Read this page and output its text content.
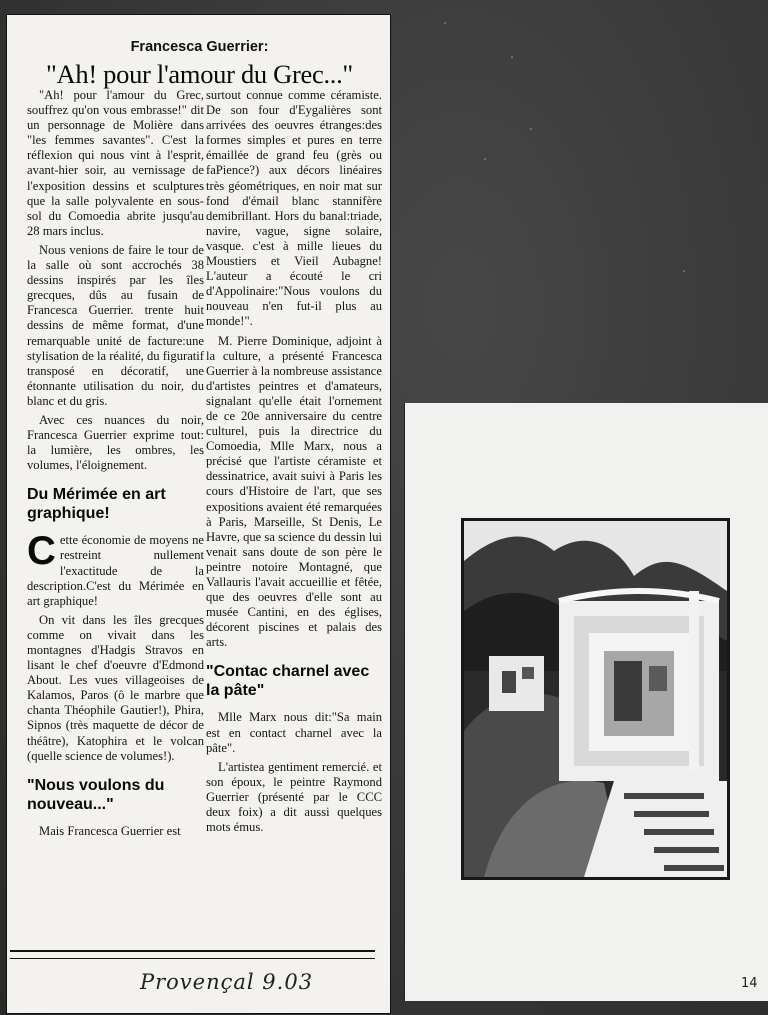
Francesca Guerrier:
"Ah! pour l'amour du Grec..."

"Ah! pour l'amour du Grec, souffrez qu'on vous embrasse!" dit un personnage de Molière dans "les femmes savantes". C'est la réflexion qui nous vint à l'esprit, avant-hier soir, au vernissage de l'exposition dessins et sculptures que la salle polyvalente en sous-sol du Comoedia abrite jusqu'au 28 mars inclus.

Nous venions de faire le tour de la salle où sont accrochés 38 dessins inspirés par les îles grecques, dûs au fusain de Francesca Guerrier. trente huit dessins de même format, d'une remarquable unité de facture:une stylisation de la réalité, du figuratif transposé en décoratif, une étonnante utilisation du noir, du blanc et du gris.

Avec ces nuances du noir, Francesca Guerrier exprime tout: la lumière, les ombres, les volumes, l'éloignement.

Du Mérimée en art graphique!

Cette économie de moyens ne restreint nullement l'exactitude de la description.C'est du Mérimée en art graphique!

On vit dans les îles grecques comme on vivait dans les montagnes d'Hadgis Stravos en lisant le chef d'oeuvre d'Edmond About. Les vues villageoises de Kalamos, Paros (ô le marbre que chanta Théophile Gautier!), Phira, Sipnos (très maquette de décor de théâtre), Katophira et le volcan (quelle science de volumes!).

"Nous voulons du nouveau..."

Mais Francesca Guerrier est

surtout connue comme céramiste. De son four d'Eygalières sont arrivées des oeuvres étranges:des formes simples et pures en terre émaillée de grand feu (grès ou faPience?) aux décors linéaires très géométriques, en noir mat sur fond d'émail blanc stannifère demibrillant. Hors du banal:triade, navire, vague, signe solaire, vasque. c'est à mille lieues du Moustiers et Vieil Aubagne! L'auteur a écouté le cri d'Appolinaire:"Nous voulons du nouveau n'en fut-il plus au monde!".

M. Pierre Dominique, adjoint à la culture, a présenté Francesca Guerrier à la nombreuse assistance d'artistes peintres et d'amateurs, signalant qu'elle était l'ornement de ce 20e anniversaire du centre culturel, puis la directrice du Comoedia, Mlle Marx, nous a précisé que l'artiste céramiste et dessinatrice, avait suivi à Paris les cours d'Histoire de l'art, que ses expositions avaient été remarquées à Paris, Marseille, St Denis, Le Havre, que sa science du dessin lui venait sans doute de son père le peintre notoire Montagné, que Vallauris l'avait accueillie et fêtée, que des oeuvres d'elle sont au musée Cantini, en des églises, décorent piscines et palais des arts.

"Contac charnel avec la pâte"

Mlle Marx nous dit:"Sa main est en contact charnel avec la pâte".

L'artistea gentiment remercié. et son époux, le peintre Raymond Guerrier (présenté par le CCC deux foix) a dit aussi quelques mots émus.

Provençal 9.03	14
